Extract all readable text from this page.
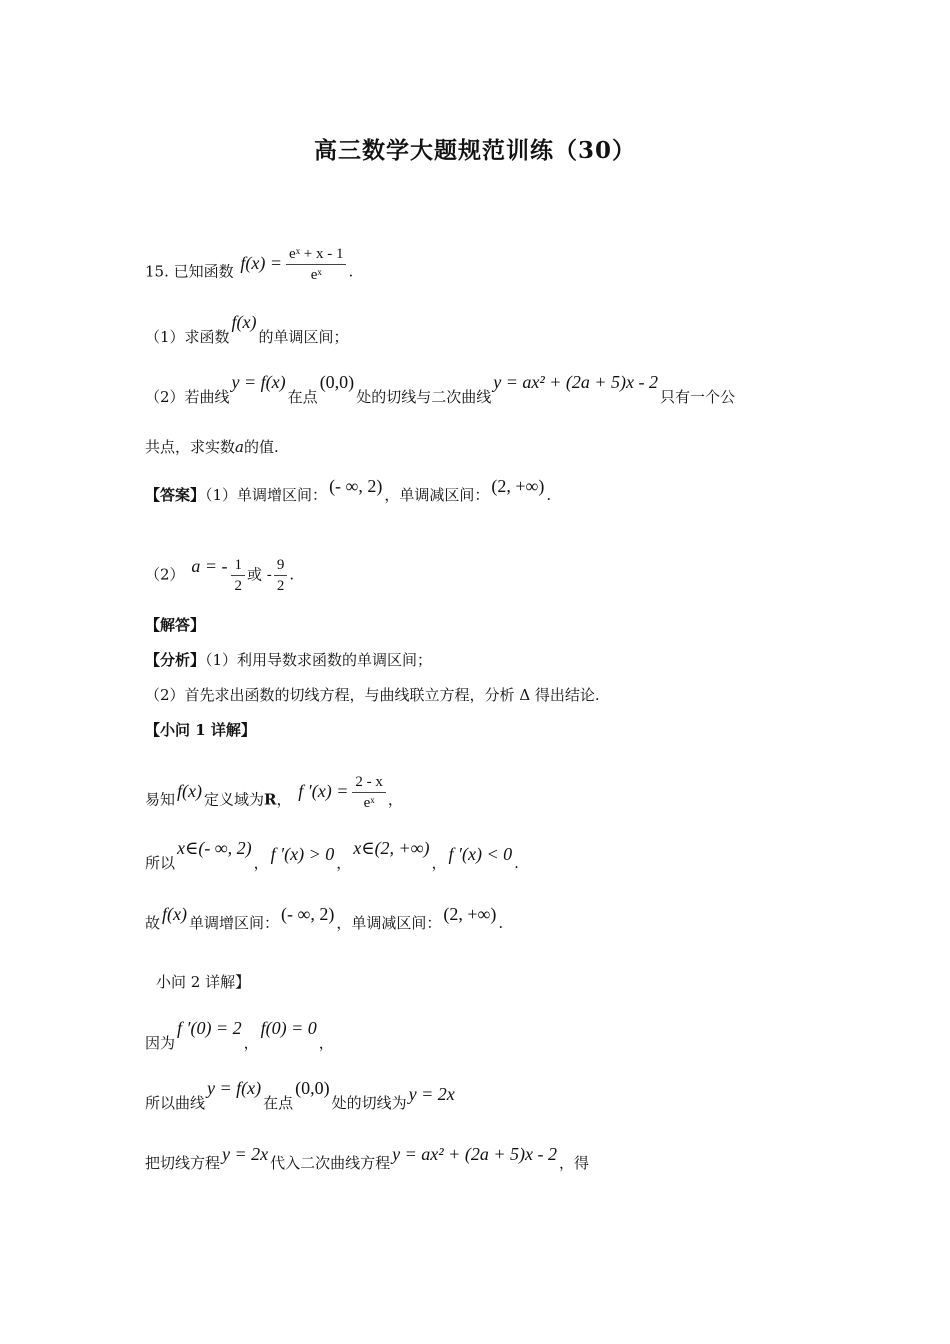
高三数学大题规范训练（30）
15. 已知函数 $f(x) = \frac{\text{eˣ + x - 1}}{\text{eˣ}}$ .
（1）求函数f(x)的单调区间；
（2）若曲线y = f(x)在点(0,0)处的切线与二次曲线y = ax² + (2a + 5)x - 2只有一个公
共点，求实数a的值.
【答案】（1）单调增区间： (- ∞, 2) ，单调减区间： (2, +∞) .
（2） a = - $\frac{1}{2}$ 或 - $\frac{9}{2}$ .
【解答】
【分析】（1）利用导数求函数的单调区间；
（2）首先求出函数的切线方程，与曲线联立方程，分析 Δ 得出结论.
【小问 1 详解】
易知 f(x) 定义域为R， f $'(x) = \frac{2 - x}{\text{eˣ}}$ ，
所以x∈(- ∞, 2)， f ′(x) > 0 ，x∈(2, +∞)， f ′(x) < 0 .
故 f(x) 单调增区间： (- ∞, 2) ，单调减区间： (2, +∞) .
小问 2 详解】
因为f ′(0) = 2，f(0) = 0，
所以曲线y = f(x)在点(0,0)处的切线为 y = 2x
把切线方程 y = 2x 代入二次曲线方程 y = ax² + (2a + 5)x - 2 ，得
